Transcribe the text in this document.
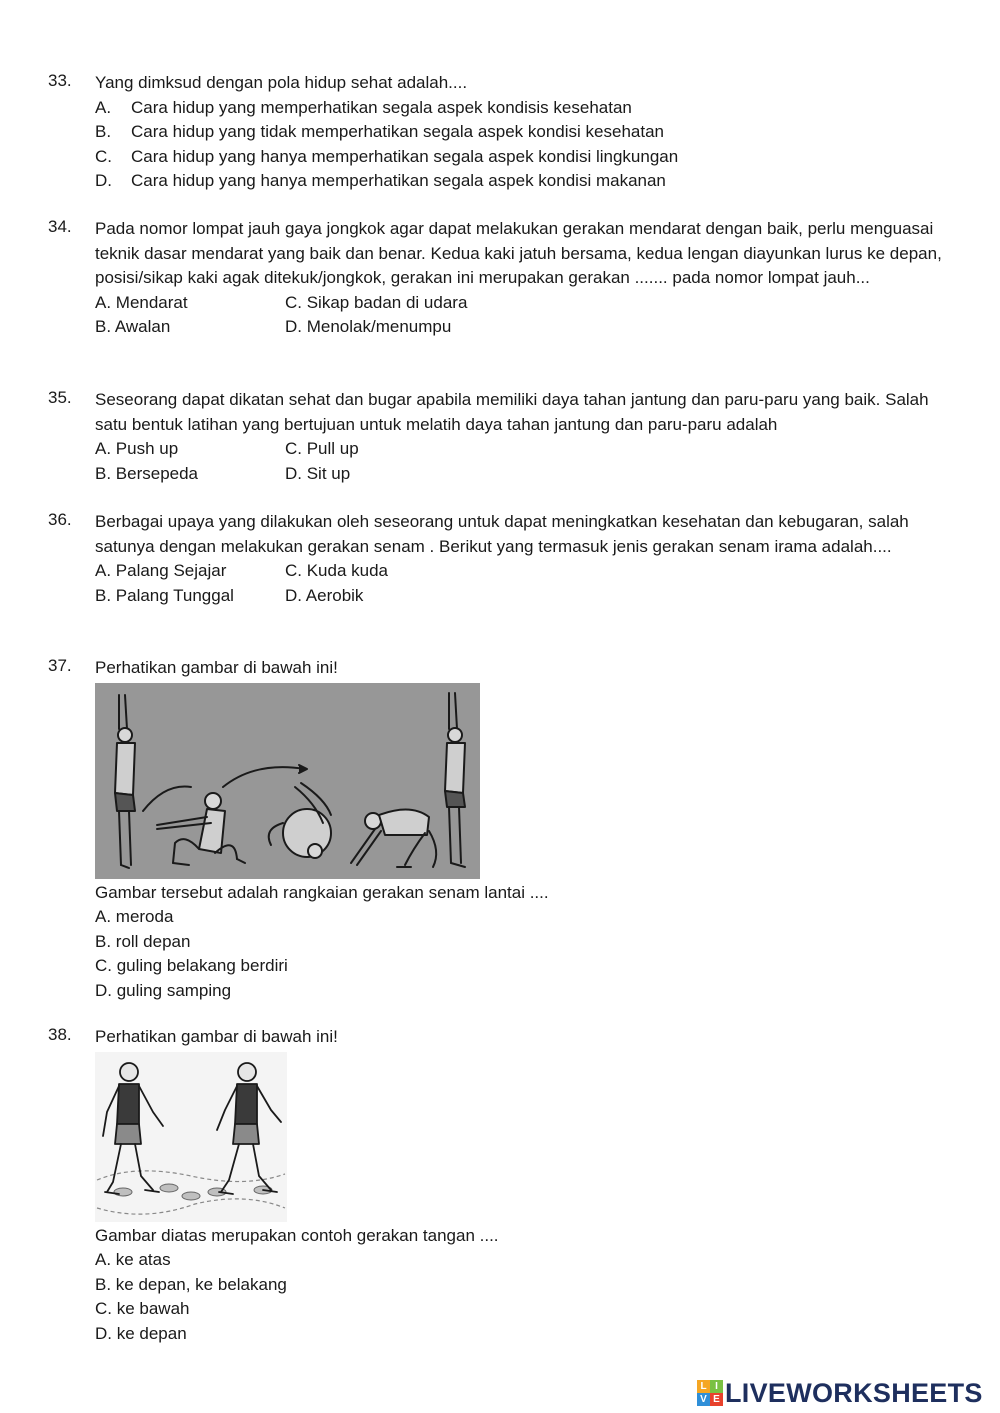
33. Yang dimksud dengan pola hidup sehat adalah....
A. Cara hidup yang memperhatikan segala aspek kondisis kesehatan
B. Cara hidup yang tidak memperhatikan segala aspek kondisi kesehatan
C. Cara hidup yang hanya memperhatikan segala aspek kondisi lingkungan
D. Cara hidup yang hanya memperhatikan segala aspek kondisi makanan
34. Pada nomor lompat jauh gaya jongkok agar dapat melakukan gerakan mendarat dengan baik, perlu menguasai teknik dasar mendarat yang baik dan benar. Kedua kaki jatuh bersama, kedua lengan diayunkan lurus ke depan, posisi/sikap kaki agak ditekuk/jongkok, gerakan ini merupakan gerakan ....... pada nomor lompat jauh...
A. Mendarat	C. Sikap badan di udara
B. Awalan	D. Menolak/menumpu
35. Seseorang dapat dikatan sehat dan bugar apabila memiliki daya tahan jantung dan paru-paru yang baik. Salah satu bentuk latihan yang bertujuan untuk melatih daya tahan jantung dan paru-paru adalah
A. Push up	C. Pull up
B. Bersepeda	D. Sit up
36. Berbagai upaya yang dilakukan oleh seseorang untuk dapat meningkatkan kesehatan dan kebugaran, salah satunya dengan melakukan gerakan senam . Berikut yang termasuk jenis gerakan senam irama adalah....
A. Palang Sejajar	C. Kuda kuda
B. Palang Tunggal	D. Aerobik
37. Perhatikan gambar di bawah ini!
Gambar tersebut adalah rangkaian gerakan senam lantai ....
A. meroda
B. roll depan
C. guling belakang berdiri
D. guling samping
38. Perhatikan gambar di bawah ini!
Gambar diatas merupakan contoh gerakan tangan ....
A. ke atas
B. ke depan, ke belakang
C. ke bawah
D. ke depan
L I
V E LIVEWORKSHEETS
